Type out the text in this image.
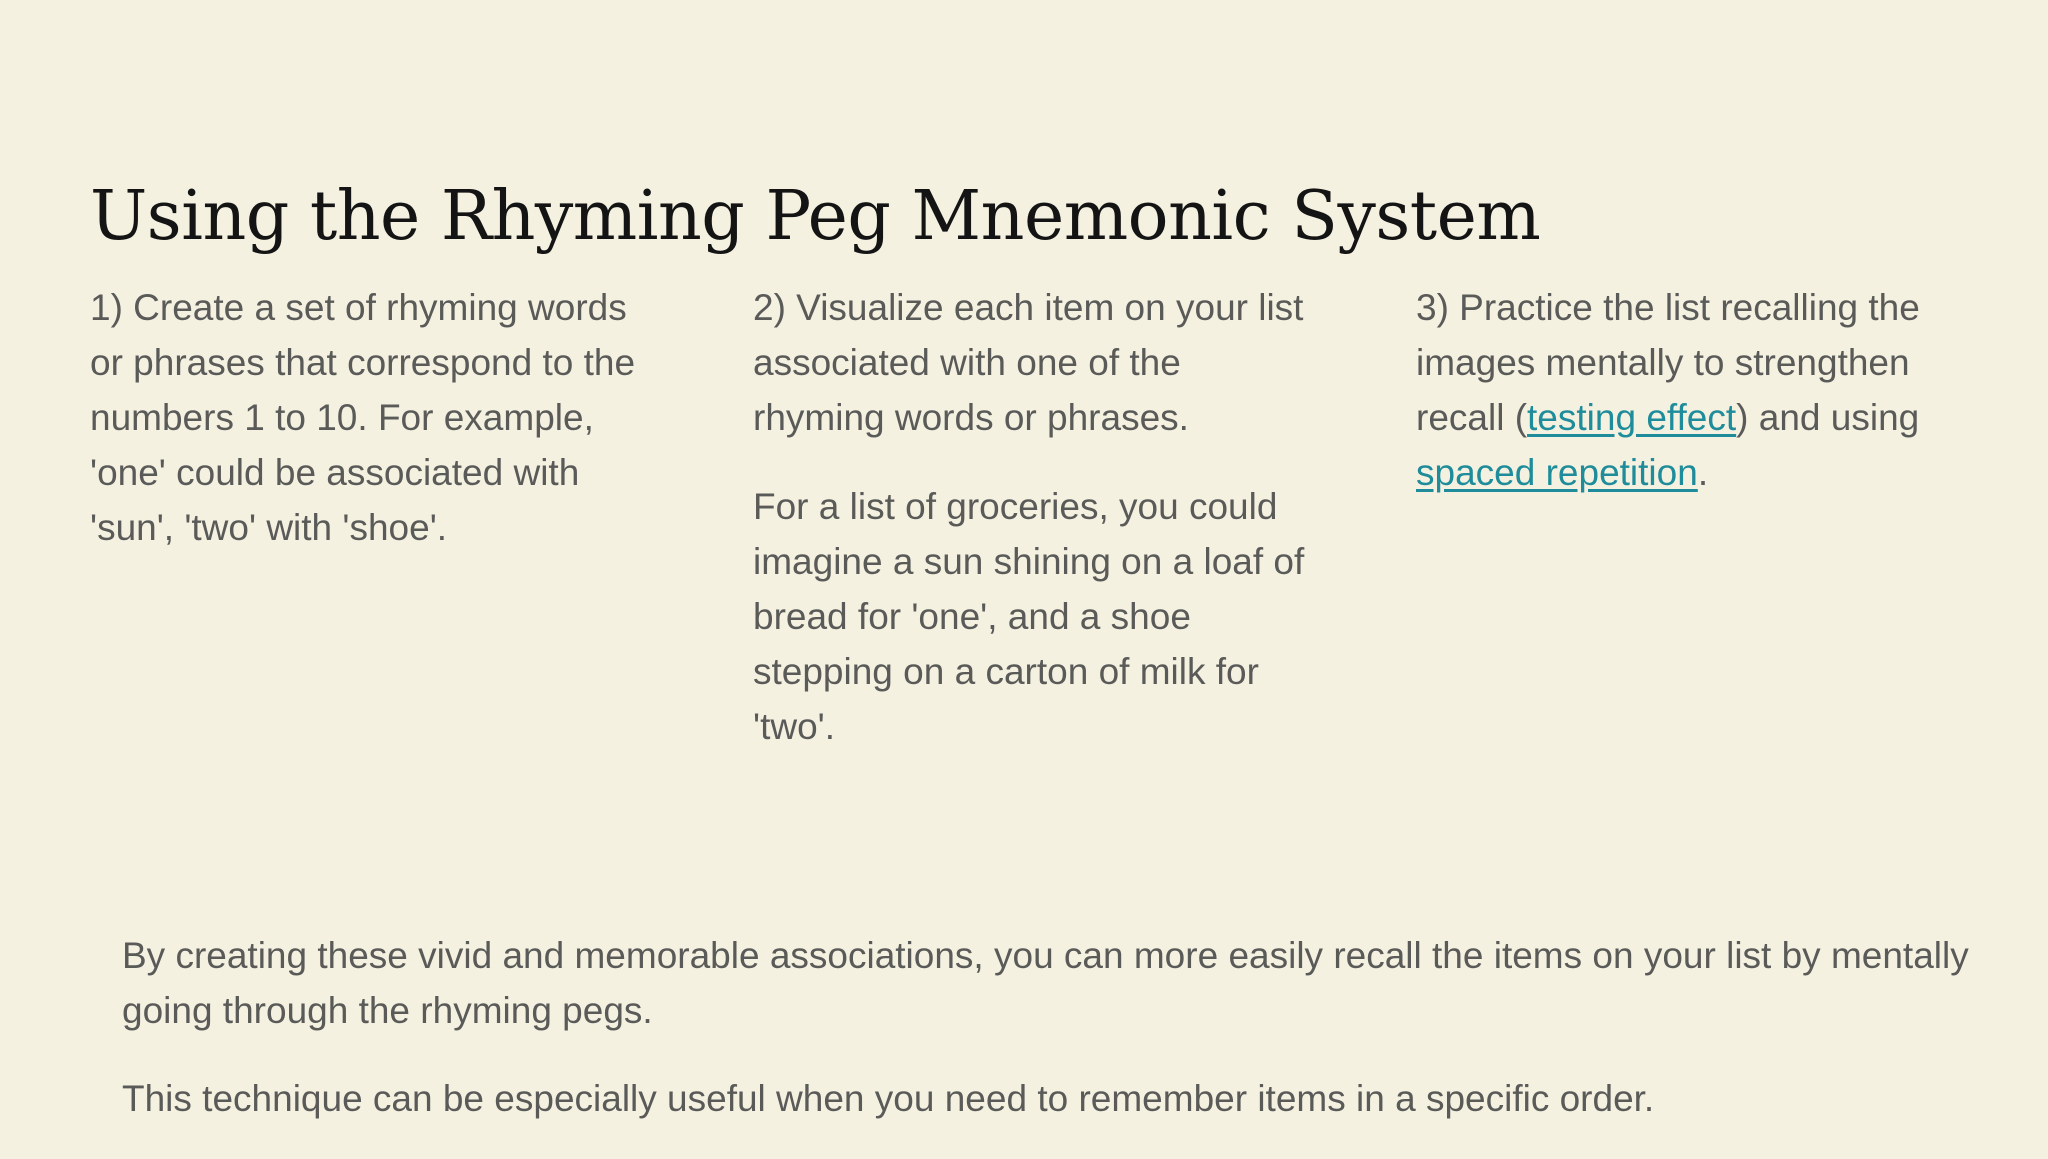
Using the Rhyming Peg Mnemonic System

1) Create a set of rhyming words or phrases that correspond to the numbers 1 to 10. For example, 'one' could be associated with 'sun', 'two' with 'shoe'.

2) Visualize each item on your list associated with one of the rhyming words or phrases.

For a list of groceries, you could imagine a sun shining on a loaf of bread for 'one', and a shoe stepping on a carton of milk for 'two'.

3) Practice the list recalling the images mentally to strengthen recall (testing effect) and using spaced repetition.

By creating these vivid and memorable associations, you can more easily recall the items on your list by mentally going through the rhyming pegs.

This technique can be especially useful when you need to remember items in a specific order.
